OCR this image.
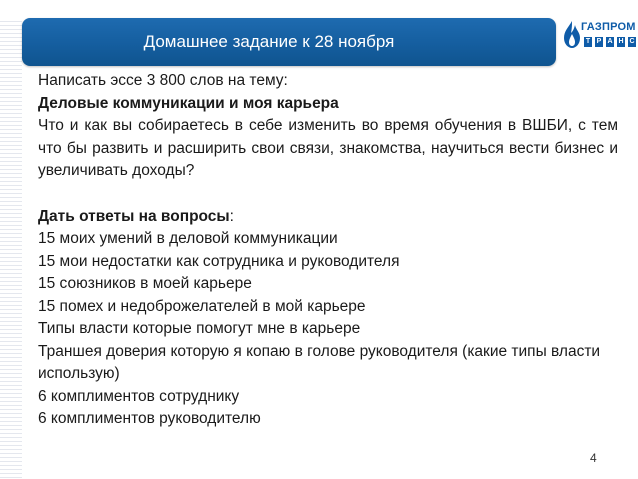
Домашнее задание к 28 ноября
ГАЗПРОМ
Т Р А Н С

Написать эссе 3 800 слов на тему:

Деловые коммуникации и моя карьера

Что и как вы собираетесь в себе изменить во время обучения в ВШБИ, с тем что бы развить и расширить свои связи, знакомства, научиться вести бизнес и увеличивать доходы?

Дать ответы на вопросы:

15 моих умений в деловой коммуникации

15 мои недостатки как сотрудника и руководителя

15 союзников в моей карьере

15 помех и недоброжелателей в мой карьере

Типы власти которые помогут мне в карьере

Траншея доверия которую я копаю в голове руководителя (какие типы власти использую)

6 комплиментов сотруднику

6 комплиментов руководителю

4
